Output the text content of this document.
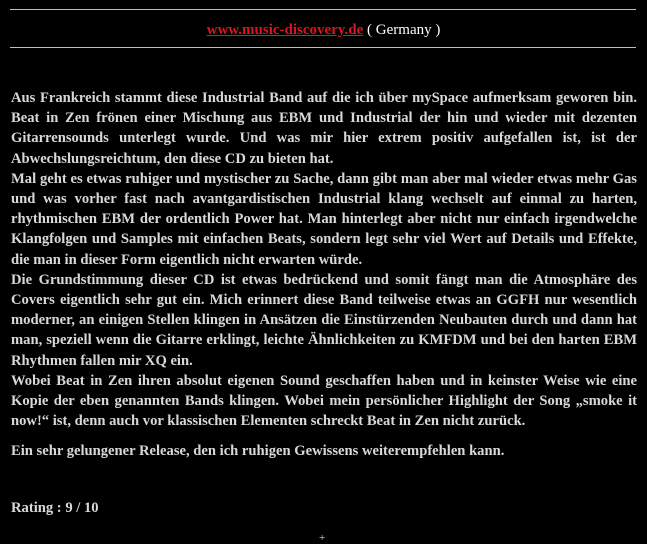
www.music-discovery.de ( Germany )

Aus Frankreich stammt diese Industrial Band auf die ich über mySpace aufmerksam geworen bin. Beat in Zen frönen einer Mischung aus EBM und Industrial der hin und wieder mit dezenten Gitarrensounds unterlegt wurde. Und was mir hier extrem positiv aufgefallen ist, ist der Abwechslungsreichtum, den diese CD zu bieten hat.

Mal geht es etwas ruhiger und mystischer zu Sache, dann gibt man aber mal wieder etwas mehr Gas und was vorher fast nach avantgardistischen Industrial klang wechselt auf einmal zu harten, rhythmischen EBM der ordentlich Power hat. Man hinterlegt aber nicht nur einfach irgendwelche Klangfolgen und Samples mit einfachen Beats, sondern legt sehr viel Wert auf Details und Effekte, die man in dieser Form eigentlich nicht erwarten würde.

Die Grundstimmung dieser CD ist etwas bedrückend und somit fängt man die Atmosphäre des Covers eigentlich sehr gut ein. Mich erinnert diese Band teilweise etwas an GGFH nur wesentlich moderner, an einigen Stellen klingen in Ansätzen die Einstürzenden Neubauten durch und dann hat man, speziell wenn die Gitarre erklingt, leichte Ähnlichkeiten zu KMFDM und bei den harten EBM Rhythmen fallen mir XQ ein.

Wobei Beat in Zen ihren absolut eigenen Sound geschaffen haben und in keinster Weise wie eine Kopie der eben genannten Bands klingen. Wobei mein persönlicher Highlight der Song „smoke it now!“ ist, denn auch vor klassischen Elementen schreckt Beat in Zen nicht zurück.

Ein sehr gelungener Release, den ich ruhigen Gewissens weiterempfehlen kann.

Rating : 9 / 10
+
